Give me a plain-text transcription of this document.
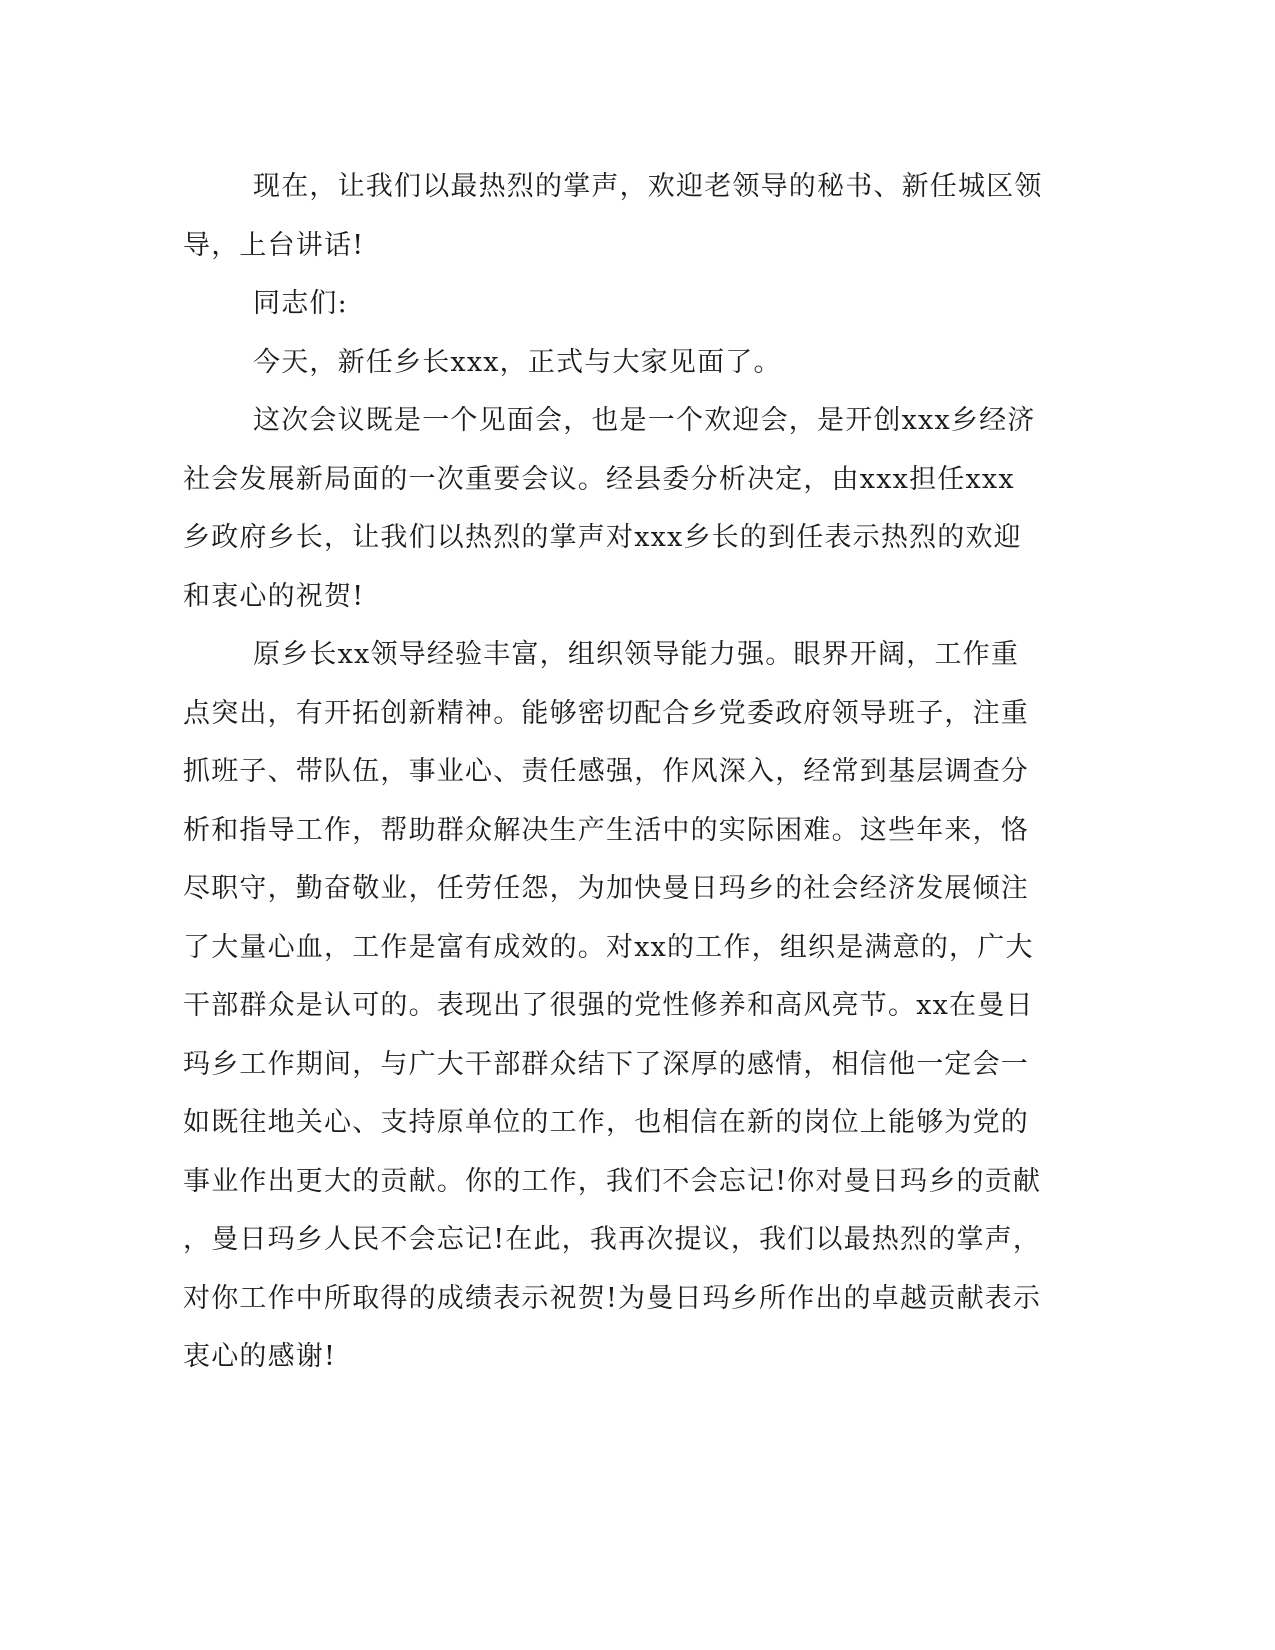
现在，让我们以最热烈的掌声，欢迎老领导的秘书、新任城区领
导，上台讲话!
同志们:
今天，新任乡长xxx，正式与大家见面了。
这次会议既是一个见面会，也是一个欢迎会，是开创xxx乡经济
社会发展新局面的一次重要会议。经县委分析决定，由xxx担任xxx
乡政府乡长，让我们以热烈的掌声对xxx乡长的到任表示热烈的欢迎
和衷心的祝贺!
原乡长xx领导经验丰富，组织领导能力强。眼界开阔，工作重
点突出，有开拓创新精神。能够密切配合乡党委政府领导班子，注重
抓班子、带队伍，事业心、责任感强，作风深入，经常到基层调查分
析和指导工作，帮助群众解决生产生活中的实际困难。这些年来，恪
尽职守，勤奋敬业，任劳任怨，为加快曼日玛乡的社会经济发展倾注
了大量心血，工作是富有成效的。对xx的工作，组织是满意的，广大
干部群众是认可的。表现出了很强的党性修养和高风亮节。xx在曼日
玛乡工作期间，与广大干部群众结下了深厚的感情，相信他一定会一
如既往地关心、支持原单位的工作，也相信在新的岗位上能够为党的
事业作出更大的贡献。你的工作，我们不会忘记!你对曼日玛乡的贡献
，曼日玛乡人民不会忘记!在此，我再次提议，我们以最热烈的掌声，
对你工作中所取得的成绩表示祝贺!为曼日玛乡所作出的卓越贡献表示
衷心的感谢!
